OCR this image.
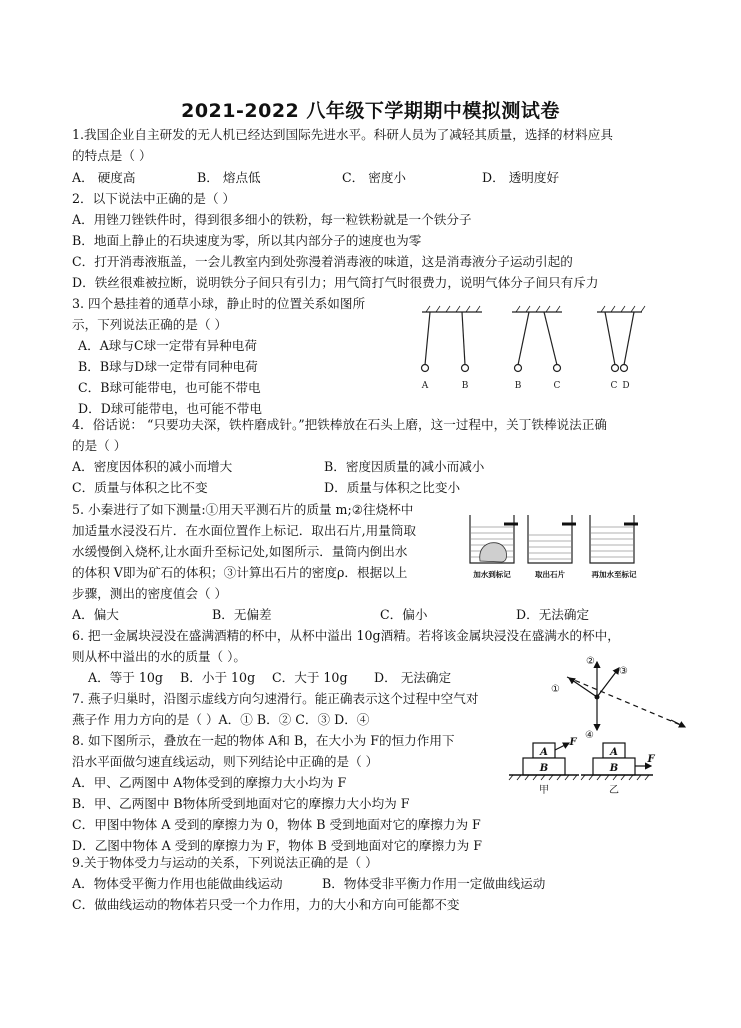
2021-2022 八年级下学期期中模拟测试卷
1.我国企业自主研发的无人机已经达到国际先进水平。科研人员为了减轻其质量，选择的材料应具
的特点是（ ）
A． 硬度高	B． 熔点低	C． 密度小	D． 透明度好
2．以下说法中正确的是（ ）
A．用锉刀锉铁件时，得到很多细小的铁粉，每一粒铁粉就是一个铁分子
B．地面上静止的石块速度为零，所以其内部分子的速度也为零
C．打开消毒液瓶盖，一会儿教室内到处弥漫着消毒液的味道，这是消毒液分子运动引起的
D．铁丝很难被拉断，说明铁分子间只有引力；用气筒打气时很费力，说明气体分子间只有斥力
3. 四个悬挂着的通草小球，静止时的位置关系如图所
示，下列说法正确的是（ ）
A．A球与C球一定带有异种电荷
B．B球与D球一定带有同种电荷
C．B球可能带电，也可能不带电
D．D球可能带电，也可能不带电
A	B	B	C	C D
4．俗话说： “只要功夫深，铁杵磨成针。”把铁棒放在石头上磨，这一过程中，关丁铁棒说法正确
的是（ ）
A．密度因体积的减小而增大	B．密度因质量的减小而减小
C．质量与体积之比不变	D．质量与体积之比变小
5. 小秦进行了如下测量:①用天平测石片的质量 m;②往烧杯中
加适量水浸没石片．在水面位置作上标记．取出石片,用量筒取
水缓慢倒入烧杯,让水面升至标记处,如图所示．量筒内倒出水
的体积 V即为矿石的体积；③计算出石片的密度ρ．根据以上
步骤，测出的密度值会（ ）
A．偏大	B．无偏差	C．偏小	D．无法确定
加水到标记	取出石片	再加水至标记
6. 把一金属块浸没在盛满酒精的杯中，从杯中溢出 10g酒精。若将该金属块浸没在盛满水的杯中，
则从杯中溢出的水的质量（ ）。
A．等于 10g B．小于 10g C．大于 10g D． 无法确定
7. 燕子归巢时，沿图示虚线方向匀速滑行。能正确表示这个过程中空气对
燕子作 用力方向的是（ ）A．① B．② C．③ D．④
①
②
③
④
8. 如下图所示，叠放在一起的物体 A和 B，在大小为 F的恒力作用下
沿水平面做匀速直线运动，则下列结论中正确的是（ ）
A．甲、乙两图中 A物体受到的摩擦力大小均为 F
B．甲、乙两图中 B物体所受到地面对它的摩擦力大小均为 F
C．甲图中物体 A 受到的摩擦力为 0，物体 B 受到地面对它的摩擦力为 F
D．乙图中物体 A 受到的摩擦力为 F，物体 B 受到地面对它的摩擦力为 F
A
B
F
A
B
F
甲	乙
9.关于物体受力与运动的关系，下列说法正确的是（ ）
A．物体受平衡力作用也能做曲线运动	B．物体受非平衡力作用一定做曲线运动
C．做曲线运动的物体若只受一个力作用，力的大小和方向可能都不变
